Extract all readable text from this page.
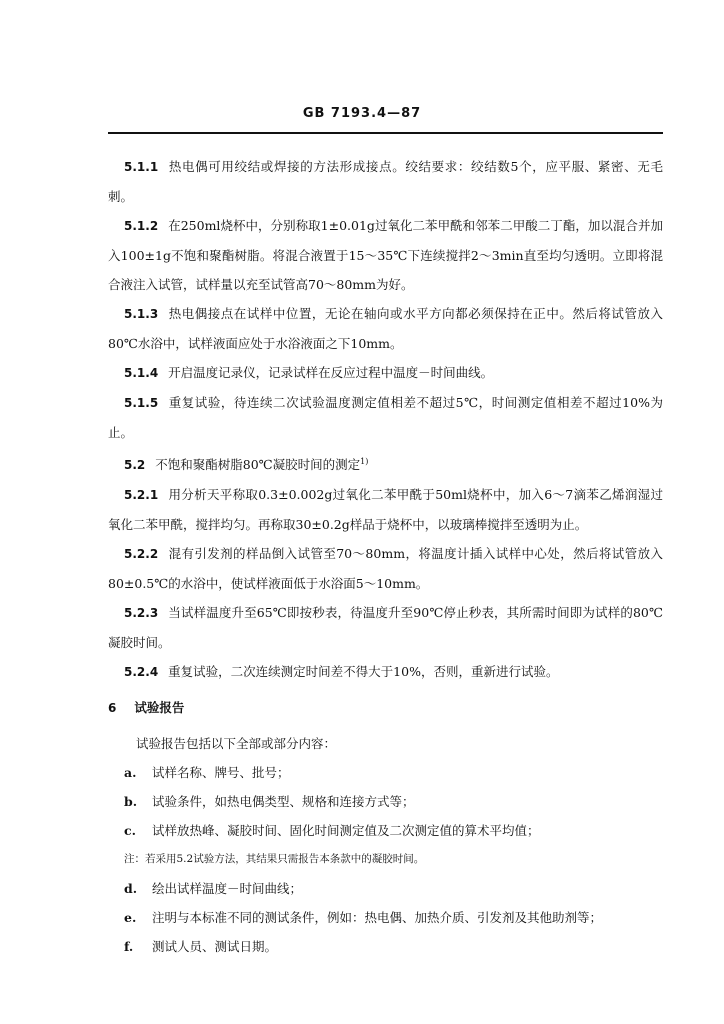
GB 7193.4—87

5.1.1 热电偶可用绞结或焊接的方法形成接点。绞结要求：绞结数5个，应平服、紧密、无毛刺。

5.1.2 在250ml烧杯中，分别称取1±0.01g过氧化二苯甲酰和邻苯二甲酸二丁酯，加以混合并加入100±1g不饱和聚酯树脂。将混合液置于15～35℃下连续搅拌2～3min直至均匀透明。立即将混合液注入试管，试样量以充至试管高70～80mm为好。

5.1.3 热电偶接点在试样中位置，无论在轴向或水平方向都必须保持在正中。然后将试管放入80℃水浴中，试样液面应处于水浴液面之下10mm。

5.1.4 开启温度记录仪，记录试样在反应过程中温度－时间曲线。

5.1.5 重复试验，待连续二次试验温度测定值相差不超过5℃，时间测定值相差不超过10%为止。

5.2 不饱和聚酯树脂80℃凝胶时间的测定$^{1)}$

5.2.1 用分析天平称取0.3±0.002g过氧化二苯甲酰于50ml烧杯中，加入6～7滴苯乙烯润湿过氧化二苯甲酰，搅拌均匀。再称取30±0.2g样品于烧杯中，以玻璃棒搅拌至透明为止。

5.2.2 混有引发剂的样品倒入试管至70～80mm，将温度计插入试样中心处，然后将试管放入80±0.5℃的水浴中，使试样液面低于水浴面5～10mm。

5.2.3 当试样温度升至65℃即按秒表，待温度升至90℃停止秒表，其所需时间即为试样的80℃凝胶时间。

5.2.4 重复试验，二次连续测定时间差不得大于10%，否则，重新进行试验。

6 试验报告

试验报告包括以下全部或部分内容：

a. 试样名称、牌号、批号；

b. 试验条件，如热电偶类型、规格和连接方式等；

c. 试样放热峰、凝胶时间、固化时间测定值及二次测定值的算术平均值；

注：若采用5.2试验方法，其结果只需报告本条款中的凝胶时间。

d. 绘出试样温度－时间曲线；

e. 注明与本标准不同的测试条件，例如：热电偶、加热介质、引发剂及其他助剂等；

f. 测试人员、测试日期。
